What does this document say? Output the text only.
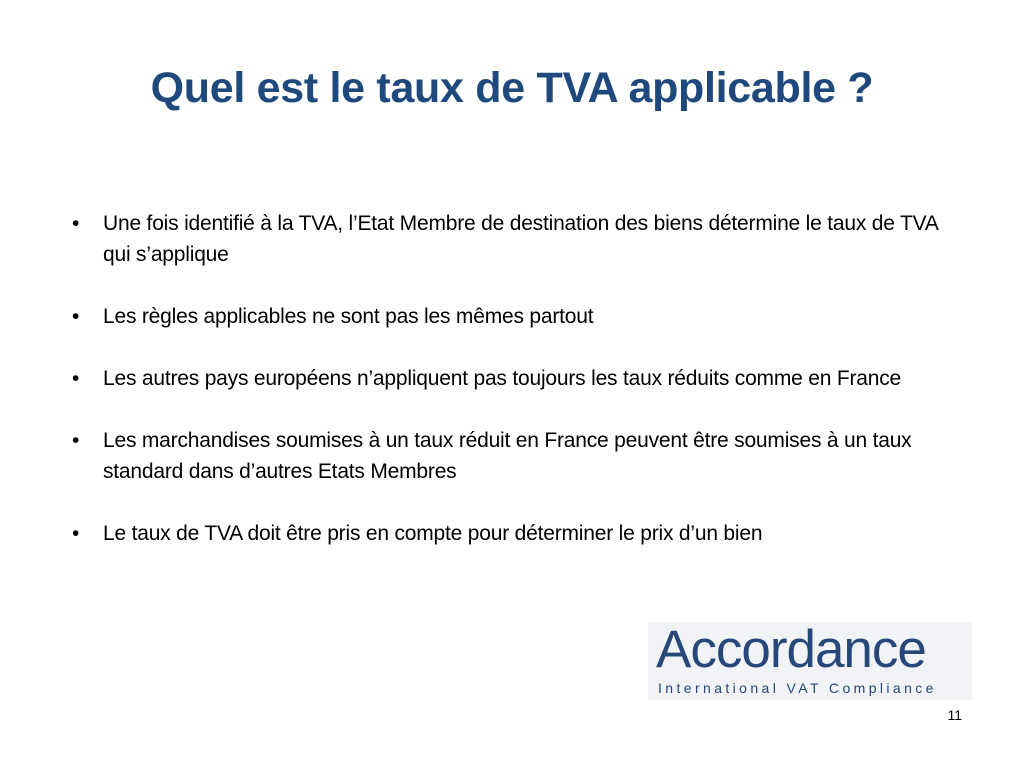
Quel est le taux de TVA applicable ?
• Une fois identifié à la TVA, l’Etat Membre de destination des biens détermine le taux de TVA qui s’applique
• Les règles applicables ne sont pas les mêmes partout
• Les autres pays européens n’appliquent pas toujours les taux réduits comme en France
• Les marchandises soumises à un taux réduit en France peuvent être soumises à un taux standard dans d’autres Etats Membres
• Le taux de TVA doit être pris en compte pour déterminer le prix d’un bien
Accordance
International VAT Compliance
11
